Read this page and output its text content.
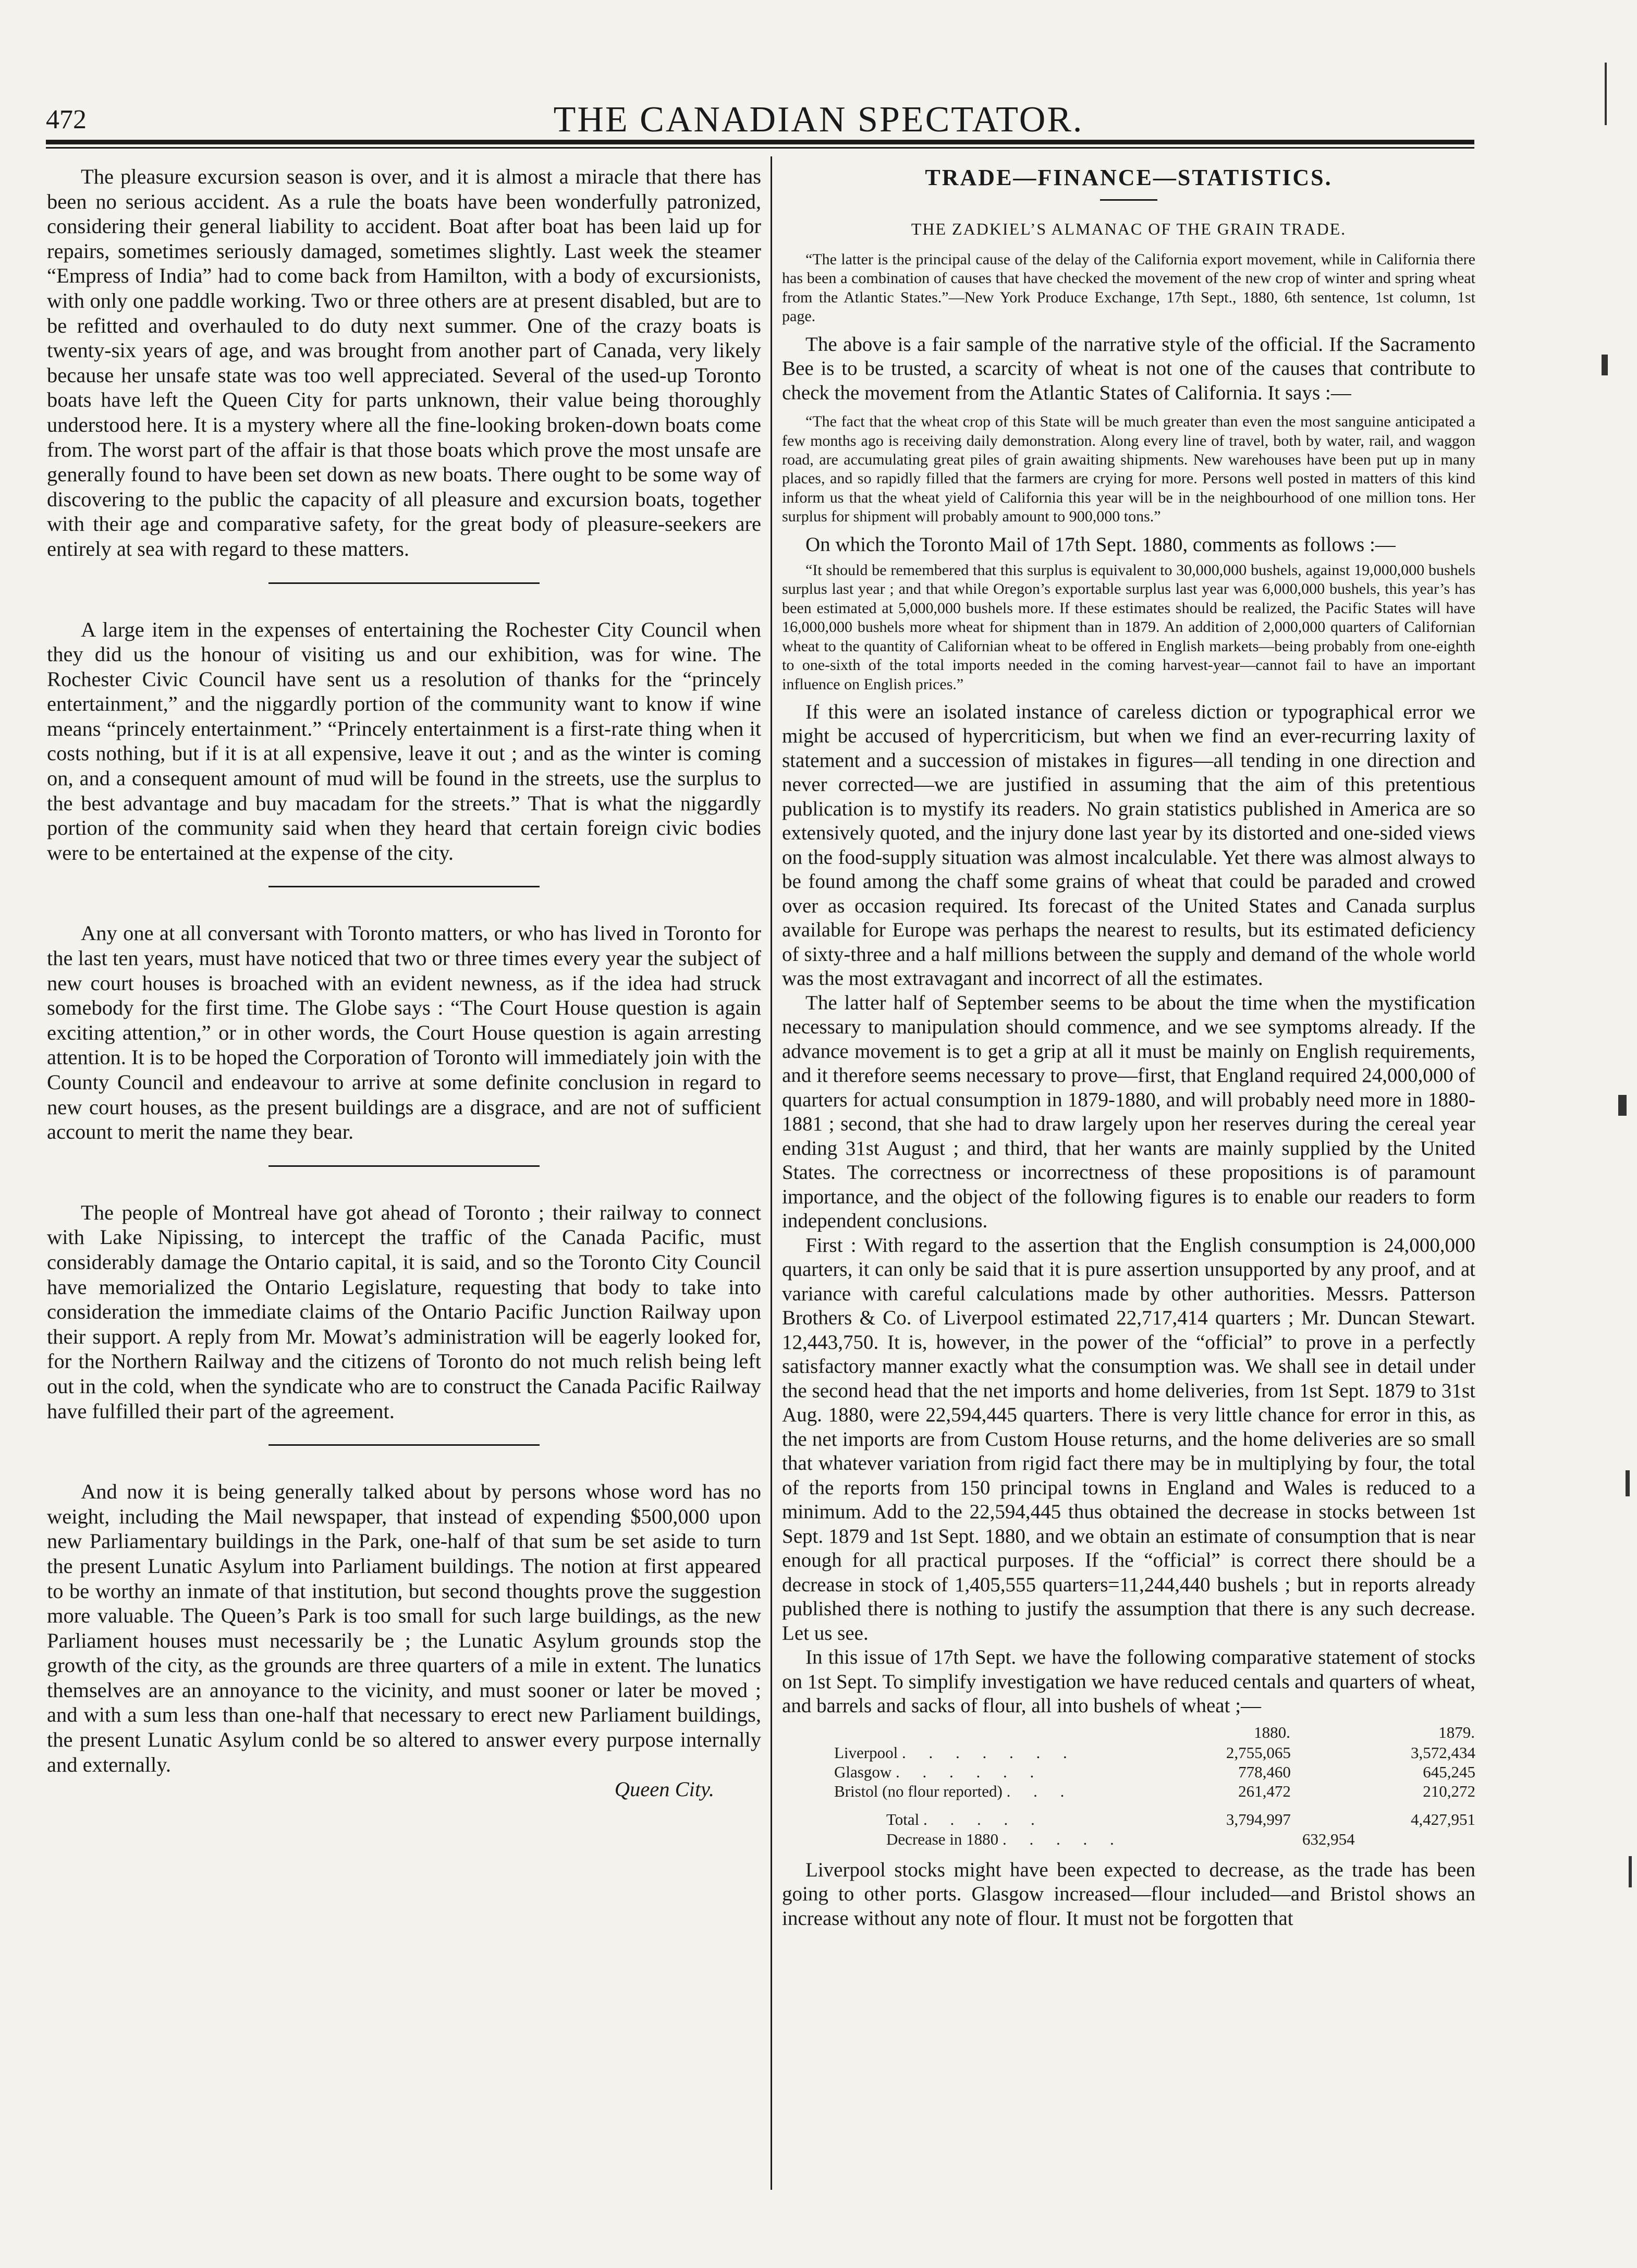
472	THE CANADIAN SPECTATOR.

The pleasure excursion season is over, and it is almost a miracle that there has been no serious accident. As a rule the boats have been wonderfully patronized, considering their general liability to accident. Boat after boat has been laid up for repairs, sometimes seriously damaged, sometimes slightly. Last week the steamer “Empress of India” had to come back from Hamilton, with a body of excursionists, with only one paddle working. Two or three others are at present disabled, but are to be refitted and overhauled to do duty next summer. One of the crazy boats is twenty-six years of age, and was brought from another part of Canada, very likely because her unsafe state was too well appreciated. Several of the used-up Toronto boats have left the Queen City for parts unknown, their value being thoroughly understood here. It is a mystery where all the fine-looking broken-down boats come from. The worst part of the affair is that those boats which prove the most unsafe are generally found to have been set down as new boats. There ought to be some way of discovering to the public the capacity of all pleasure and excursion boats, together with their age and comparative safety, for the great body of pleasure-seekers are entirely at sea with regard to these matters.

A large item in the expenses of entertaining the Rochester City Council when they did us the honour of visiting us and our exhibition, was for wine. The Rochester Civic Council have sent us a resolution of thanks for the “princely entertainment,” and the niggardly portion of the community want to know if wine means “princely entertainment.” “Princely entertainment is a first-rate thing when it costs nothing, but if it is at all expensive, leave it out ; and as the winter is coming on, and a consequent amount of mud will be found in the streets, use the surplus to the best advantage and buy macadam for the streets.” That is what the niggardly portion of the community said when they heard that certain foreign civic bodies were to be entertained at the expense of the city.

Any one at all conversant with Toronto matters, or who has lived in Toronto for the last ten years, must have noticed that two or three times every year the subject of new court houses is broached with an evident newness, as if the idea had struck somebody for the first time. The Globe says : “The Court House question is again exciting attention,” or in other words, the Court House question is again arresting attention. It is to be hoped the Corporation of Toronto will immediately join with the County Council and endeavour to arrive at some definite conclusion in regard to new court houses, as the present buildings are a disgrace, and are not of sufficient account to merit the name they bear.

The people of Montreal have got ahead of Toronto ; their railway to connect with Lake Nipissing, to intercept the traffic of the Canada Pacific, must considerably damage the Ontario capital, it is said, and so the Toronto City Council have memorialized the Ontario Legislature, requesting that body to take into consideration the immediate claims of the Ontario Pacific Junction Railway upon their support. A reply from Mr. Mowat’s administration will be eagerly looked for, for the Northern Railway and the citizens of Toronto do not much relish being left out in the cold, when the syndicate who are to construct the Canada Pacific Railway have fulfilled their part of the agreement.

And now it is being generally talked about by persons whose word has no weight, including the Mail newspaper, that instead of expending $500,000 upon new Parliamentary buildings in the Park, one-half of that sum be set aside to turn the present Lunatic Asylum into Parliament buildings. The notion at first appeared to be worthy an inmate of that institution, but second thoughts prove the suggestion more valuable. The Queen’s Park is too small for such large buildings, as the new Parliament houses must necessarily be ; the Lunatic Asylum grounds stop the growth of the city, as the grounds are three quarters of a mile in extent. The lunatics themselves are an annoyance to the vicinity, and must sooner or later be moved ; and with a sum less than one-half that necessary to erect new Parliament buildings, the present Lunatic Asylum conld be so altered to answer every purpose internally and externally.

Queen City.

TRADE—FINANCE—STATISTICS.
THE ZADKIEL’S ALMANAC OF THE GRAIN TRADE.

“The latter is the principal cause of the delay of the California export movement, while in California there has been a combination of causes that have checked the movement of the new crop of winter and spring wheat from the Atlantic States.”—New York Produce Exchange, 17th Sept., 1880, 6th sentence, 1st column, 1st page.

The above is a fair sample of the narrative style of the official. If the Sacramento Bee is to be trusted, a scarcity of wheat is not one of the causes that contribute to check the movement from the Atlantic States of California. It says :—

“The fact that the wheat crop of this State will be much greater than even the most sanguine anticipated a few months ago is receiving daily demonstration. Along every line of travel, both by water, rail, and waggon road, are accumulating great piles of grain awaiting shipments. New warehouses have been put up in many places, and so rapidly filled that the farmers are crying for more. Persons well posted in matters of this kind inform us that the wheat yield of California this year will be in the neighbourhood of one million tons. Her surplus for shipment will probably amount to 900,000 tons.”

On which the Toronto Mail of 17th Sept. 1880, comments as follows :—

“It should be remembered that this surplus is equivalent to 30,000,000 bushels, against 19,000,000 bushels surplus last year ; and that while Oregon’s exportable surplus last year was 6,000,000 bushels, this year’s has been estimated at 5,000,000 bushels more. If these estimates should be realized, the Pacific States will have 16,000,000 bushels more wheat for shipment than in 1879. An addition of 2,000,000 quarters of Californian wheat to the quantity of Californian wheat to be offered in English markets—being probably from one-eighth to one-sixth of the total imports needed in the coming harvest-year—cannot fail to have an important influence on English prices.”

If this were an isolated instance of careless diction or typographical error we might be accused of hypercriticism, but when we find an ever-recurring laxity of statement and a succession of mistakes in figures—all tending in one direction and never corrected—we are justified in assuming that the aim of this pretentious publication is to mystify its readers. No grain statistics published in America are so extensively quoted, and the injury done last year by its distorted and one-sided views on the food-supply situation was almost incalculable. Yet there was almost always to be found among the chaff some grains of wheat that could be paraded and crowed over as occasion required. Its forecast of the United States and Canada surplus available for Europe was perhaps the nearest to results, but its estimated deficiency of sixty-three and a half millions between the supply and demand of the whole world was the most extravagant and incorrect of all the estimates.

The latter half of September seems to be about the time when the mystification necessary to manipulation should commence, and we see symptoms already. If the advance movement is to get a grip at all it must be mainly on English requirements, and it therefore seems necessary to prove—first, that England required 24,000,000 of quarters for actual consumption in 1879-1880, and will probably need more in 1880-1881 ; second, that she had to draw largely upon her reserves during the cereal year ending 31st August ; and third, that her wants are mainly supplied by the United States. The correctness or incorrectness of these propositions is of paramount importance, and the object of the following figures is to enable our readers to form independent conclusions.

First : With regard to the assertion that the English consumption is 24,000,000 quarters, it can only be said that it is pure assertion unsupported by any proof, and at variance with careful calculations made by other authorities. Messrs. Patterson Brothers & Co. of Liverpool estimated 22,717,414 quarters ; Mr. Duncan Stewart. 12,443,750. It is, however, in the power of the “official” to prove in a perfectly satisfactory manner exactly what the consumption was. We shall see in detail under the second head that the net imports and home deliveries, from 1st Sept. 1879 to 31st Aug. 1880, were 22,594,445 quarters. There is very little chance for error in this, as the net imports are from Custom House returns, and the home deliveries are so small that whatever variation from rigid fact there may be in multiplying by four, the total of the reports from 150 principal towns in England and Wales is reduced to a minimum. Add to the 22,594,445 thus obtained the decrease in stocks between 1st Sept. 1879 and 1st Sept. 1880, and we obtain an estimate of consumption that is near enough for all practical purposes. If the “official” is correct there should be a decrease in stock of 1,405,555 quarters=11,244,440 bushels ; but in reports already published there is nothing to justify the assumption that there is any such decrease. Let us see.

In this issue of 17th Sept. we have the following comparative statement of stocks on 1st Sept. To simplify investigation we have reduced centals and quarters of wheat, and barrels and sacks of flour, all into bushels of wheat ;—

	1880.		1879.
Liverpool . . . . . . .	2,755,065		3,572,434
Glasgow . . . . . .	778,460		645,245
Bristol (no flour reported) . . .	261,472		210,272
Total . . . . .	3,794,997		4,427,951
Decrease in 1880 . . . . .		632,954	

Liverpool stocks might have been expected to decrease, as the trade has been going to other ports. Glasgow increased—flour included—and Bristol shows an increase without any note of flour. It must not be forgotten that
